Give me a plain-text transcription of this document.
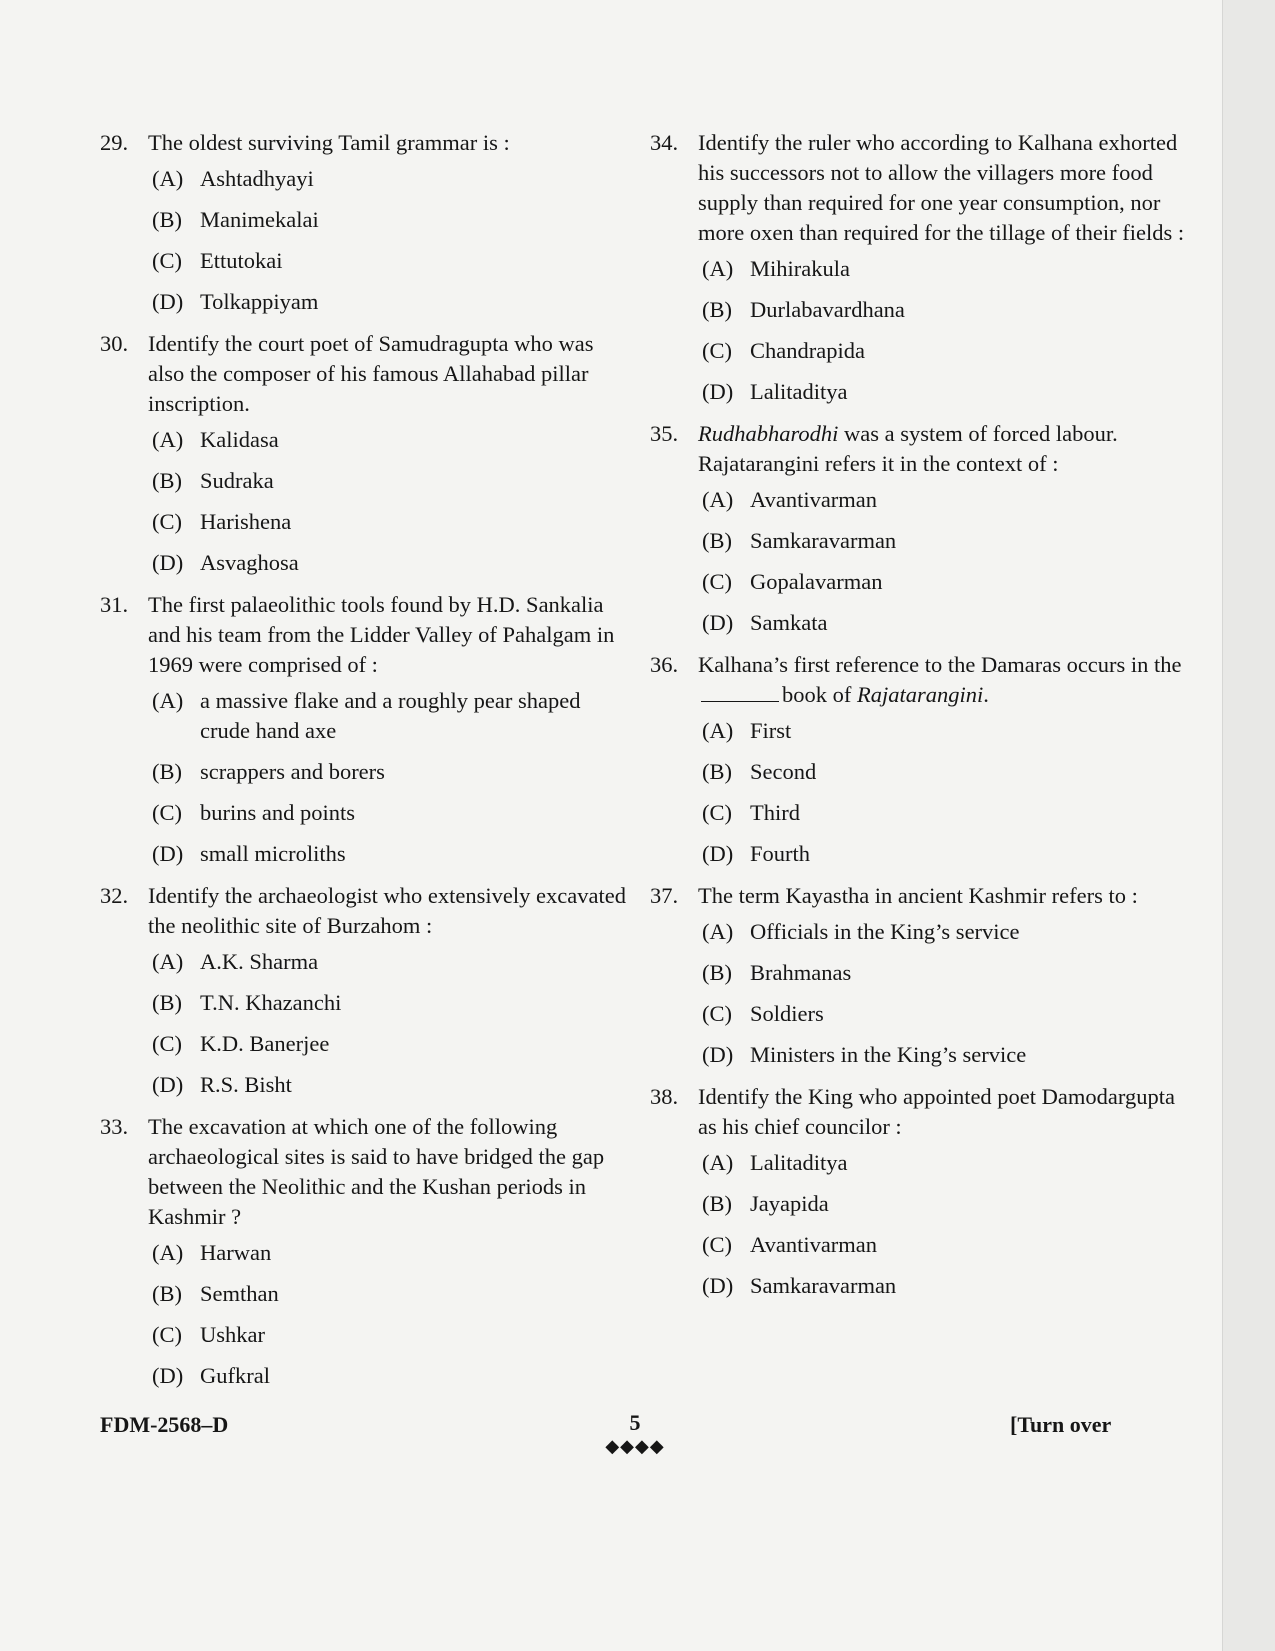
29. The oldest surviving Tamil grammar is :
(A) Ashtadhyayi
(B) Manimekalai
(C) Ettutokai
(D) Tolkappiyam
30. Identify the court poet of Samudragupta who was also the composer of his famous Allahabad pillar inscription.
(A) Kalidasa
(B) Sudraka
(C) Harishena
(D) Asvaghosa
31. The first palaeolithic tools found by H.D. Sankalia and his team from the Lidder Valley of Pahalgam in 1969 were comprised of :
(A) a massive flake and a roughly pear shaped crude hand axe
(B) scrappers and borers
(C) burins and points
(D) small microliths
32. Identify the archaeologist who extensively excavated the neolithic site of Burzahom :
(A) A.K. Sharma
(B) T.N. Khazanchi
(C) K.D. Banerjee
(D) R.S. Bisht
33. The excavation at which one of the following archaeological sites is said to have bridged the gap between the Neolithic and the Kushan periods in Kashmir ?
(A) Harwan
(B) Semthan
(C) Ushkar
(D) Gufkral
34. Identify the ruler who according to Kalhana exhorted his successors not to allow the villagers more food supply than required for one year consumption, nor more oxen than required for the tillage of their fields :
(A) Mihirakula
(B) Durlabavardhana
(C) Chandrapida
(D) Lalitaditya
35. Rudhabharodhi was a system of forced labour. Rajatarangini refers it in the context of :
(A) Avantivarman
(B) Samkaravarman
(C) Gopalavarman
(D) Samkata
36. Kalhana’s first reference to the Damaras occurs in thebook of Rajatarangini.
(A) First
(B) Second
(C) Third
(D) Fourth
37. The term Kayastha in ancient Kashmir refers to :
(A) Officials in the King’s service
(B) Brahmanas
(C) Soldiers
(D) Ministers in the King’s service
38. Identify the King who appointed poet Damodargupta as his chief councilor :
(A) Lalitaditya
(B) Jayapida
(C) Avantivarman
(D) Samkaravarman
FDM-2568–D	5
◆◆◆◆
[Turn over
